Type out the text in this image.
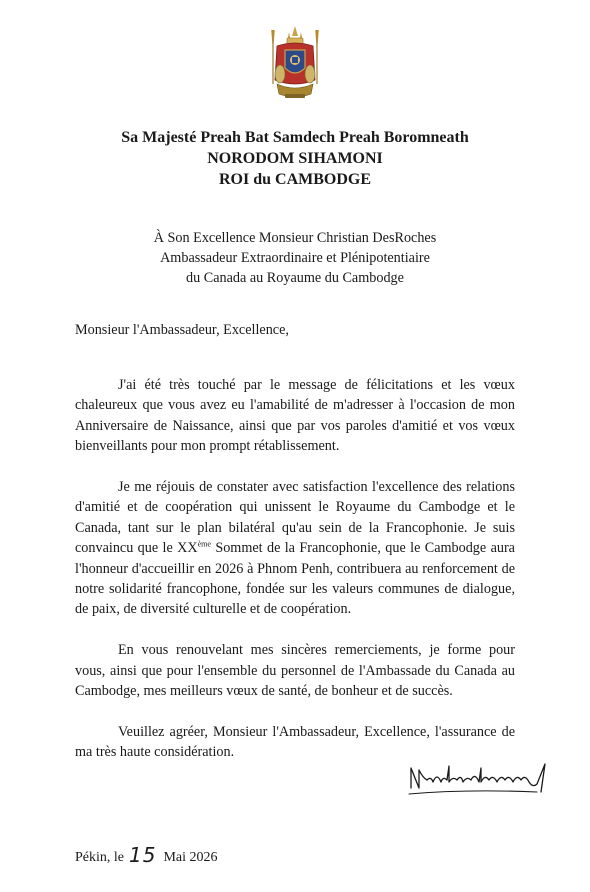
Sa Majesté Preah Bat Samdech Preah Boromneath
NORODOM SIHAMONI
ROI du CAMBODGE
À Son Excellence Monsieur Christian DesRoches
Ambassadeur Extraordinaire et Plénipotentiaire
du Canada au Royaume du Cambodge
Monsieur l'Ambassadeur, Excellence,

J'ai été très touché par le message de félicitations et les vœux chaleureux que vous avez eu l'amabilité de m'adresser à l'occasion de mon Anniversaire de Naissance, ainsi que par vos paroles d'amitié et vos vœux bienveillants pour mon prompt rétablissement.

Je me réjouis de constater avec satisfaction l'excellence des relations d'amitié et de coopération qui unissent le Royaume du Cambodge et le Canada, tant sur le plan bilatéral qu'au sein de la Francophonie. Je suis convaincu que le XXème Sommet de la Francophonie, que le Cambodge aura l'honneur d'accueillir en 2026 à Phnom Penh, contribuera au renforcement de notre solidarité francophone, fondée sur les valeurs communes de dialogue, de paix, de diversité culturelle et de coopération.

En vous renouvelant mes sincères remerciements, je forme pour vous, ainsi que pour l'ensemble du personnel de l'Ambassade du Canada au Cambodge, mes meilleurs vœux de santé, de bonheur et de succès.

Veuillez agréer, Monsieur l'Ambassadeur, Excellence, l'assurance de ma très haute considération.

Pékin, le 15 Mai 2026
